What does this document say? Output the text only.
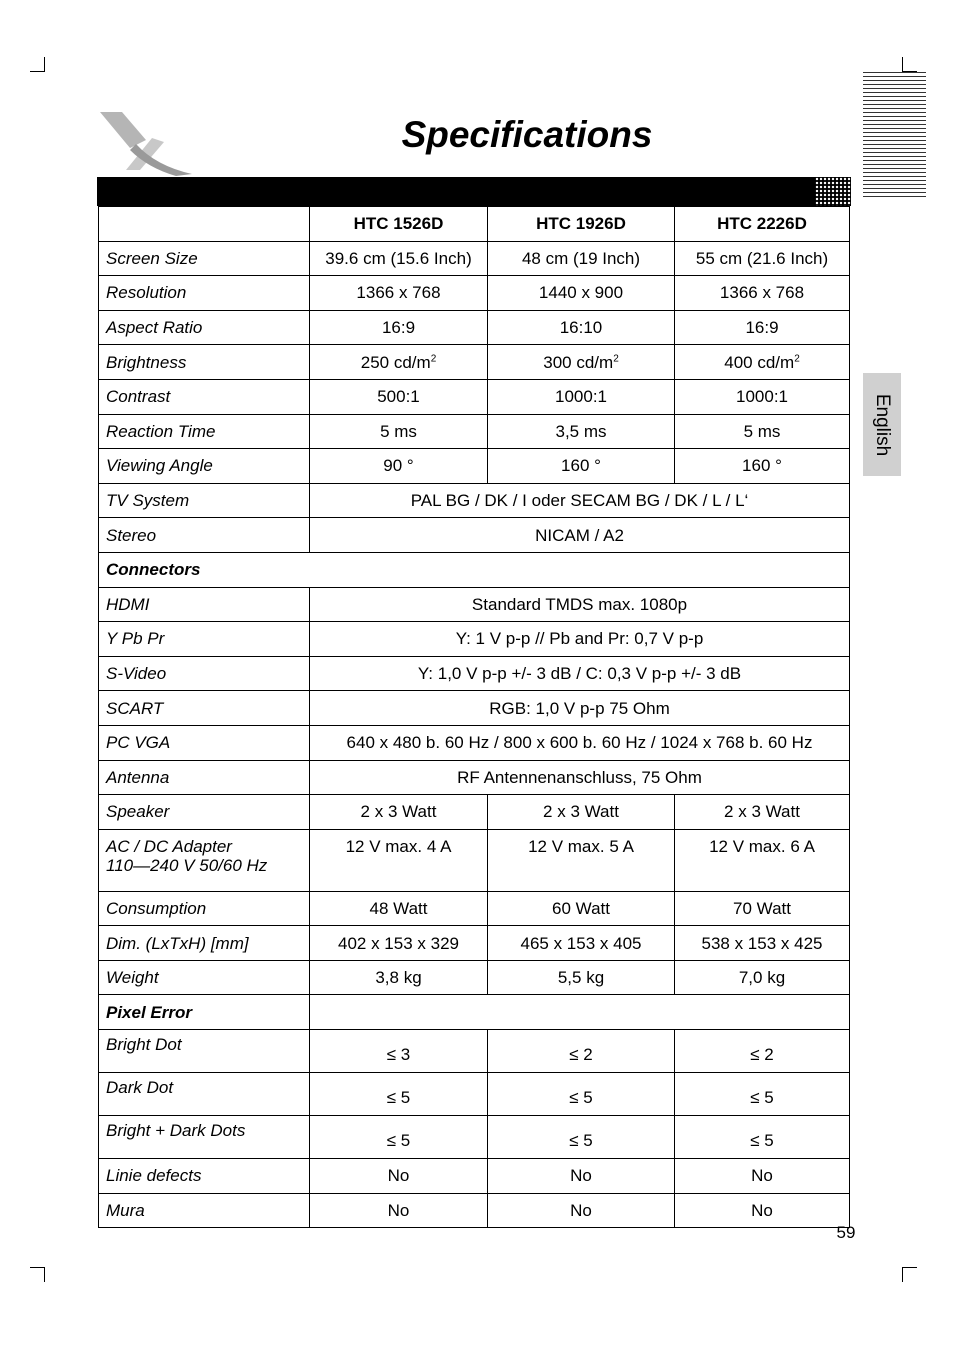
Specifications
English
	HTC 1526D	HTC 1926D	HTC 2226D
Screen Size	39.6 cm (15.6 Inch)	48 cm (19 Inch)	55 cm (21.6 Inch)
Resolution	1366 x 768	1440 x 900	1366 x 768
Aspect Ratio	16:9	16:10	16:9
Brightness	250 $cd/m^2$	300 $cd/m^2$	400 $cd/m^2$
Contrast	500:1	1000:1	1000:1
Reaction Time	5 ms	3,5 ms	5 ms
Viewing Angle	90 °	160 °	160 °
TV System	PAL BG / DK / I oder SECAM BG / DK / L / L‘		
Stereo	NICAM / A2		
Connectors			
HDMI	Standard TMDS max. 1080p		
Y Pb Pr	Y: 1 V p-p // Pb and Pr: 0,7 V p-p		
S-Video	Y: 1,0 V p-p +/- 3 dB / C: 0,3 V p-p +/- 3 dB		
SCART	RGB: 1,0 V p-p 75 Ohm		
PC VGA	640 x 480 b. 60 Hz / 800 x 600 b. 60 Hz / 1024 x 768 b. 60 Hz		
Antenna	RF Antennenanschluss, 75 Ohm		
Speaker	2 x 3 Watt	2 x 3 Watt	2 x 3 Watt
AC / DC Adapter
110—240 V 50/60 Hz	12 V max. 4 A	12 V max. 5 A	12 V max. 6 A
Consumption	48 Watt	60 Watt	70 Watt
Dim. (LxTxH) [mm]	402 x 153 x 329	465 x 153 x 405	538 x 153 x 425
Weight	3,8 kg	5,5 kg	7,0 kg
Pixel Error			
Bright Dot	≤ 3	≤ 2	≤ 2
Dark Dot	≤ 5	≤ 5	≤ 5
Bright + Dark Dots	≤ 5	≤ 5	≤ 5
Linie defects	No	No	No
Mura	No	No	No
59
